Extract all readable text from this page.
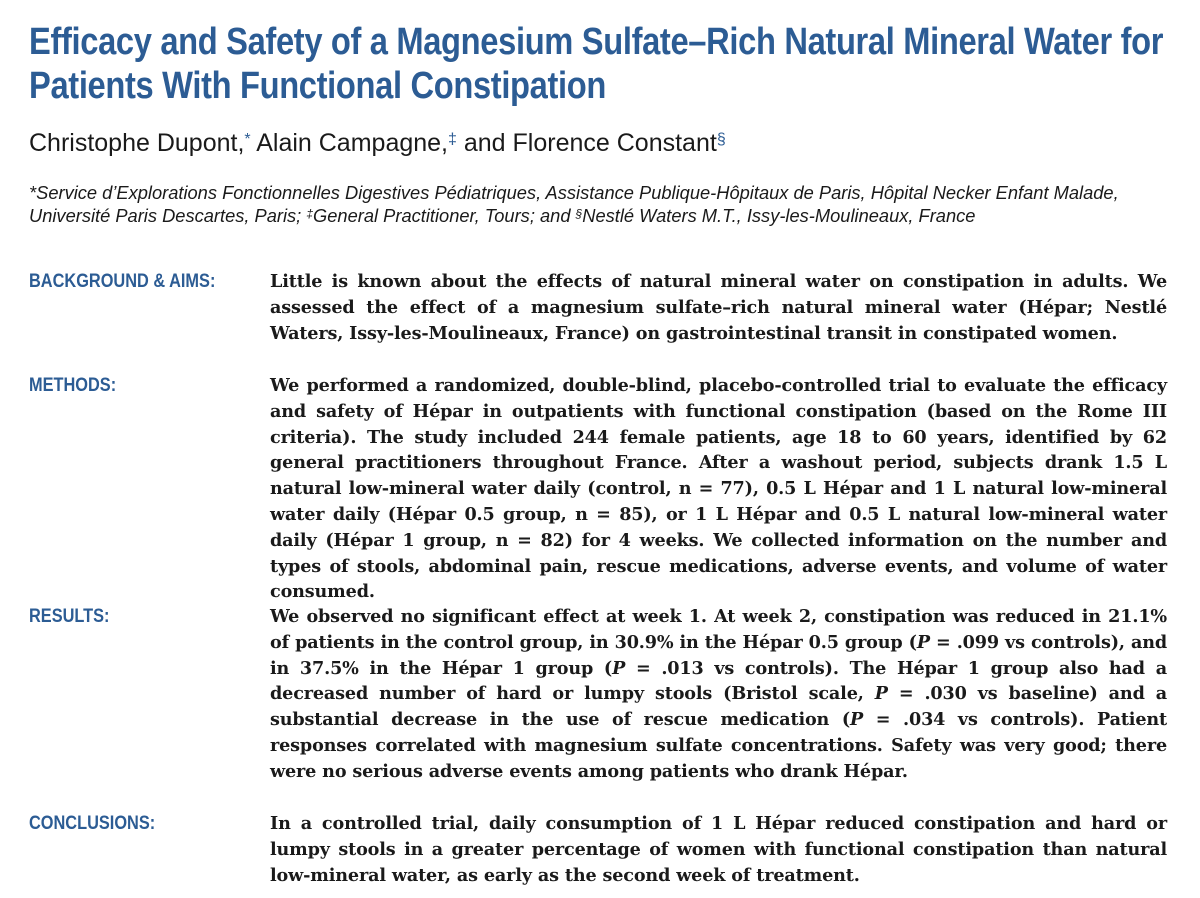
Efficacy and Safety of a Magnesium Sulfate–Rich Natural Mineral Water for Patients With Functional Constipation
Christophe Dupont,* Alain Campagne,‡ and Florence Constant§
*Service d’Explorations Fonctionnelles Digestives Pédiatriques, Assistance Publique-Hôpitaux de Paris, Hôpital Necker Enfant Malade, Université Paris Descartes, Paris; ‡General Practitioner, Tours; and §Nestlé Waters M.T., Issy-les-Moulineaux, France
BACKGROUND & AIMS:	Little is known about the effects of natural mineral water on constipation in adults. We assessed the effect of a magnesium sulfate–rich natural mineral water (Hépar; Nestlé Waters, Issy-les-Moulineaux, France) on gastrointestinal transit in constipated women.
METHODS:	We performed a randomized, double-blind, placebo-controlled trial to evaluate the efficacy and safety of Hépar in outpatients with functional constipation (based on the Rome III criteria). The study included 244 female patients, age 18 to 60 years, identified by 62 general practitioners throughout France. After a washout period, subjects drank 1.5 L natural low-mineral water daily (control, n = 77), 0.5 L Hépar and 1 L natural low-mineral water daily (Hépar 0.5 group, n = 85), or 1 L Hépar and 0.5 L natural low-mineral water daily (Hépar 1 group, n = 82) for 4 weeks. We collected information on the number and types of stools, abdominal pain, rescue medications, adverse events, and volume of water consumed.
RESULTS:	We observed no significant effect at week 1. At week 2, constipation was reduced in 21.1% of patients in the control group, in 30.9% in the Hépar 0.5 group (P = .099 vs controls), and in 37.5% in the Hépar 1 group (P = .013 vs controls). The Hépar 1 group also had a decreased number of hard or lumpy stools (Bristol scale, P = .030 vs baseline) and a substantial decrease in the use of rescue medication (P = .034 vs controls). Patient responses correlated with magnesium sulfate concentrations. Safety was very good; there were no serious adverse events among patients who drank Hépar.
CONCLUSIONS:	In a controlled trial, daily consumption of 1 L Hépar reduced constipation and hard or lumpy stools in a greater percentage of women with functional constipation than natural low-mineral water, as early as the second week of treatment.
